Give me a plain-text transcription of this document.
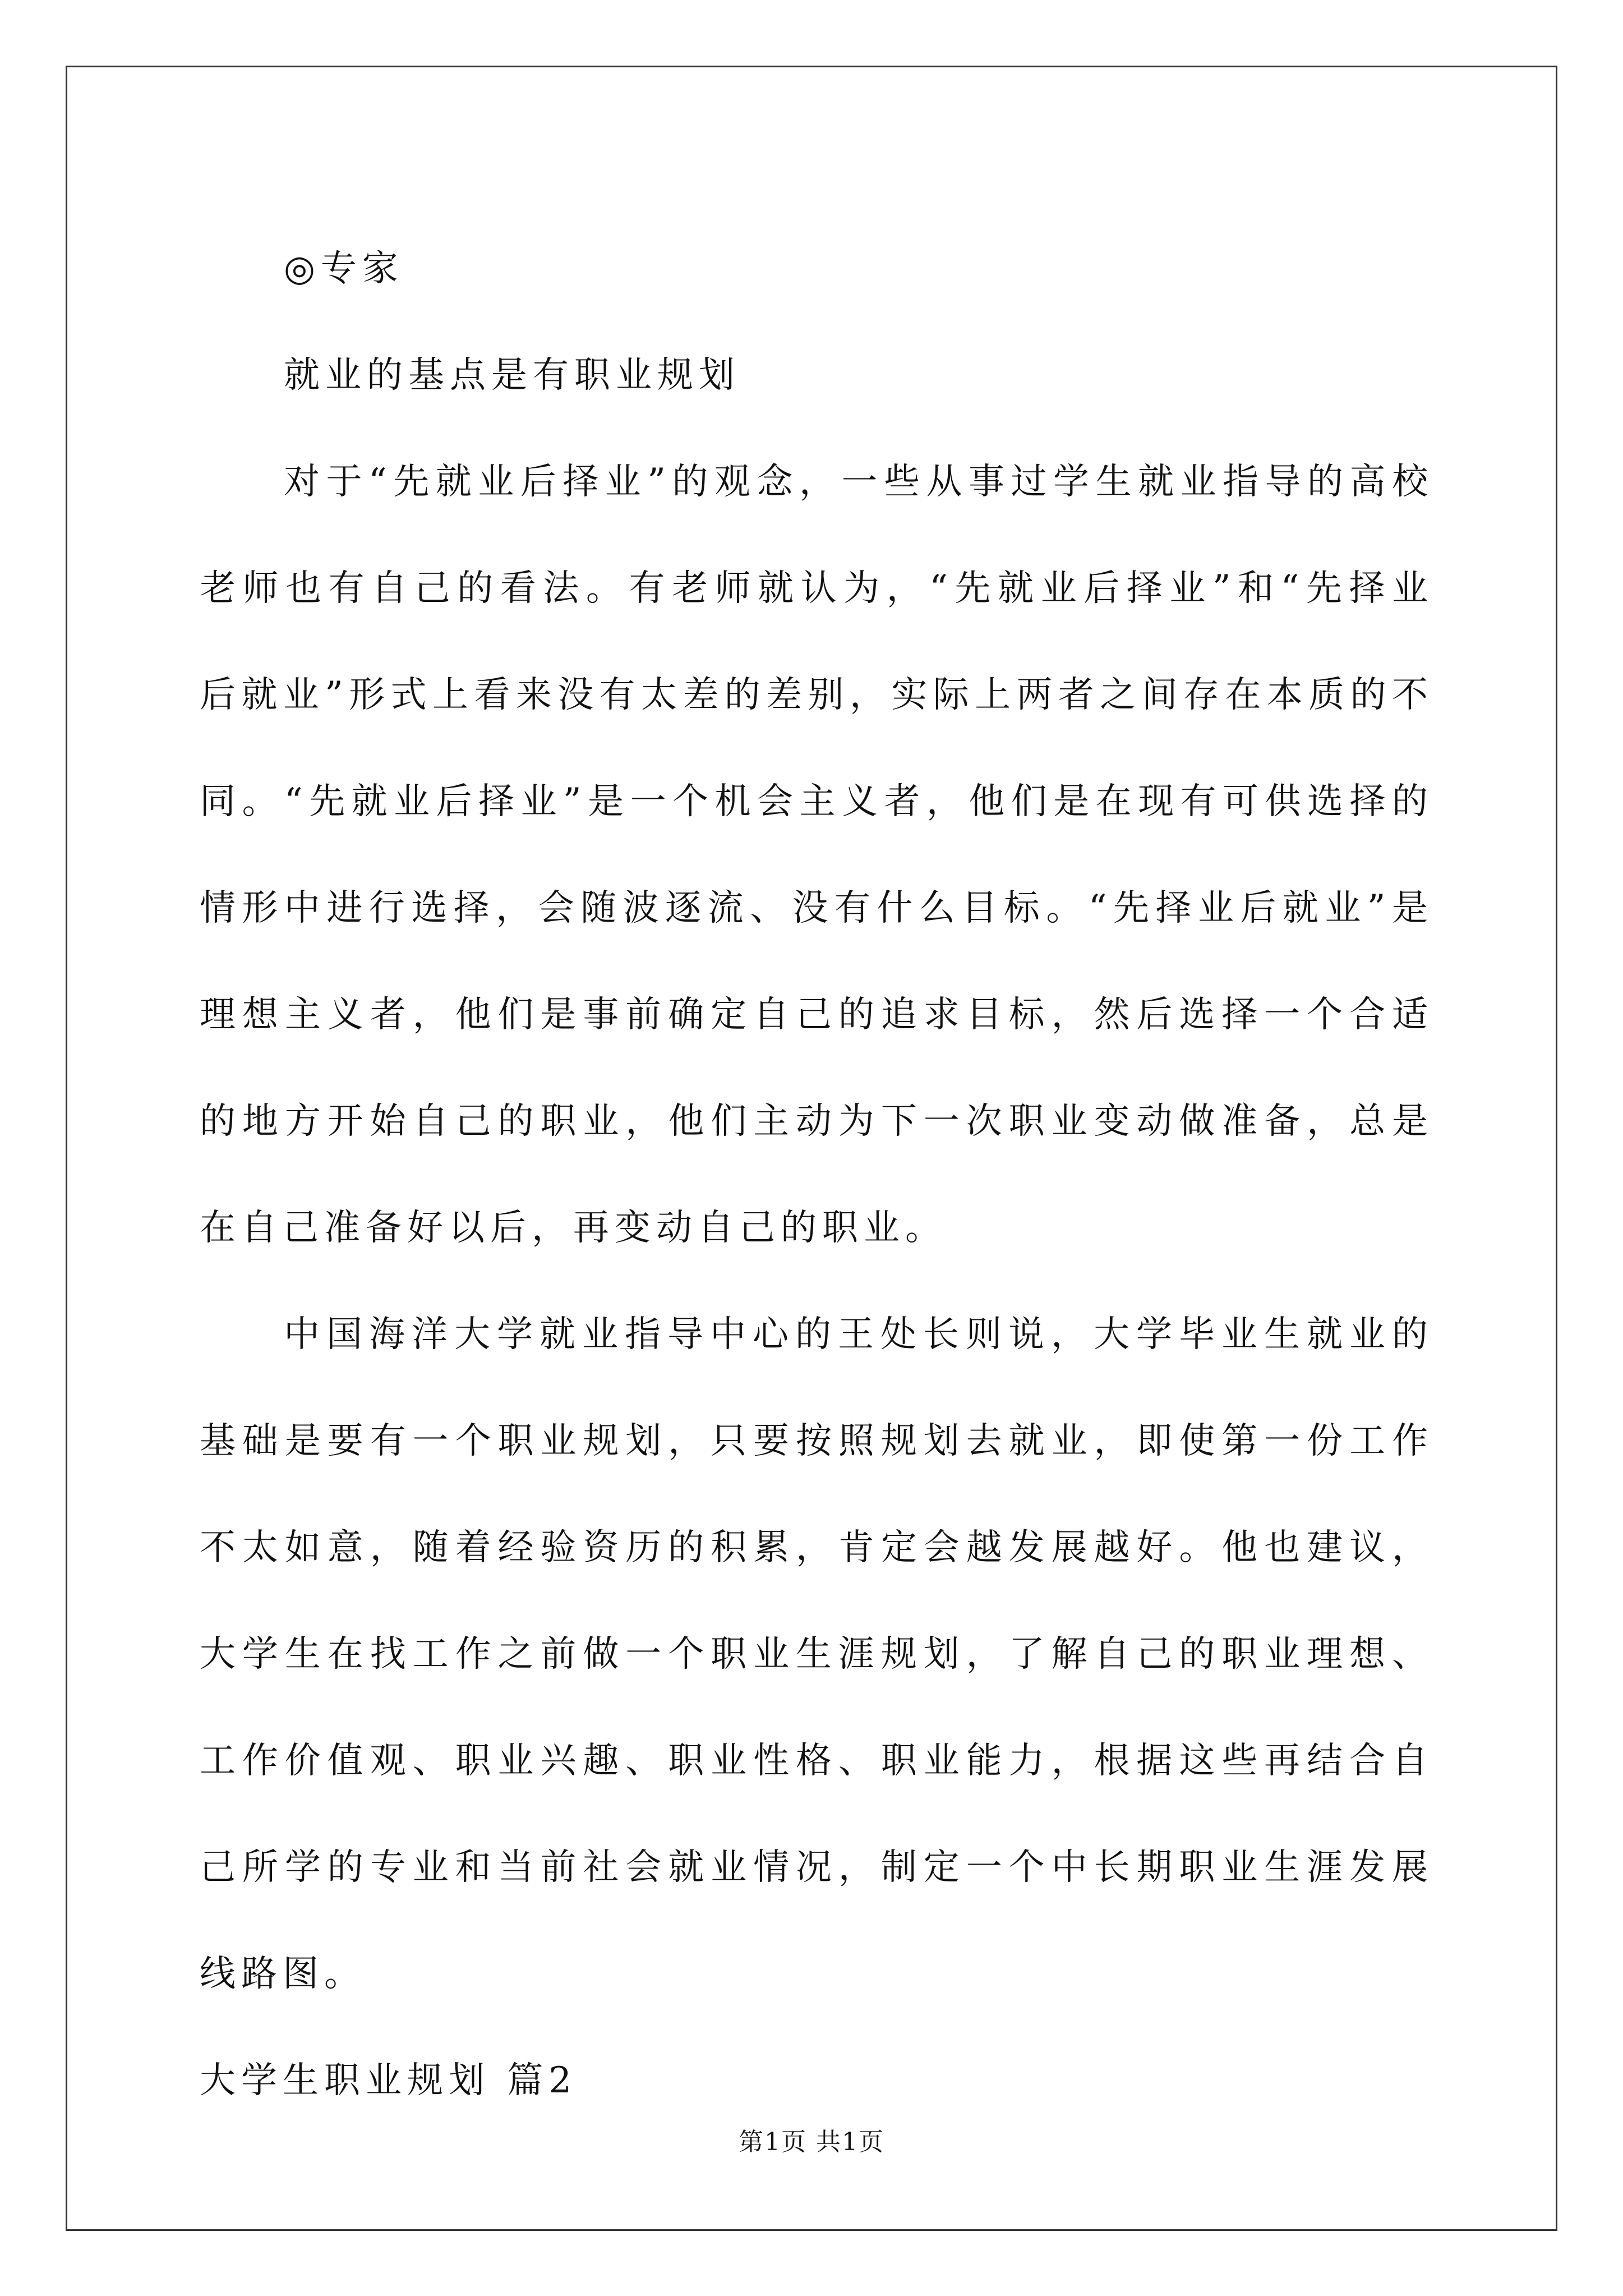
◎专家

就业的基点是有职业规划

对于“先就业后择业”的观念，一些从事过学生就业指导的高校老师也有自己的看法。有老师就认为，“先就业后择业”和“先择业后就业”形式上看来没有太差的差别，实际上两者之间存在本质的不同。“先就业后择业”是一个机会主义者，他们是在现有可供选择的情形中进行选择，会随波逐流、没有什么目标。“先择业后就业”是理想主义者，他们是事前确定自己的追求目标，然后选择一个合适的地方开始自己的职业，他们主动为下一次职业变动做准备，总是在自己准备好以后，再变动自己的职业。

中国海洋大学就业指导中心的王处长则说，大学毕业生就业的基础是要有一个职业规划，只要按照规划去就业，即使第一份工作不太如意，随着经验资历的积累，肯定会越发展越好。他也建议，大学生在找工作之前做一个职业生涯规划，了解自己的职业理想、工作价值观、职业兴趣、职业性格、职业能力，根据这些再结合自己所学的专业和当前社会就业情况，制定一个中长期职业生涯发展线路图。

大学生职业规划 篇2

第1页 共1页
